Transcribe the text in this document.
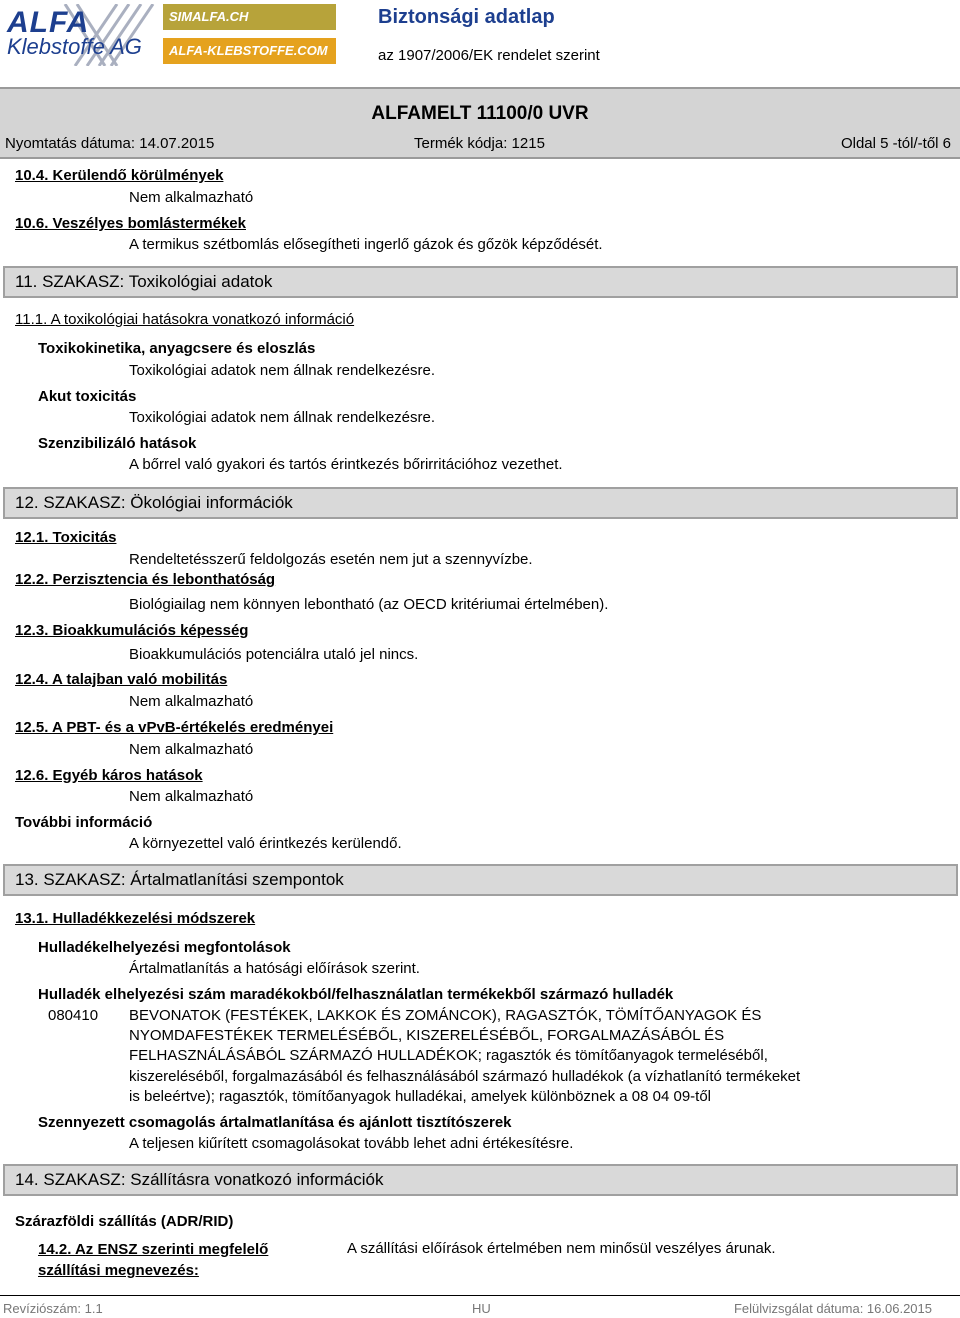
ALFA
Klebstoffe AG
SIMALFA.CH
ALFA-KLEBSTOFFE.COM
Biztonsági adatlap
az 1907/2006/EK rendelet szerint
ALFAMELT 11100/0 UVR
Nyomtatás dátuma: 14.07.2015	Termék kódja: 1215	Oldal 5 -tól/-től 6
10.4. Kerülendő körülmények
Nem alkalmazható
10.6. Veszélyes bomlástermékek
A termikus szétbomlás elősegítheti ingerlő gázok és gőzök képződését.
11. SZAKASZ: Toxikológiai adatok
11.1. A toxikológiai hatásokra vonatkozó információ
Toxikokinetika, anyagcsere és eloszlás
Toxikológiai adatok nem állnak rendelkezésre.
Akut toxicitás
Toxikológiai adatok nem állnak rendelkezésre.
Szenzibilizáló hatások
A bőrrel való gyakori és tartós érintkezés bőrirritációhoz vezethet.
12. SZAKASZ: Ökológiai információk
12.1. Toxicitás
Rendeltetésszerű feldolgozás esetén nem jut a szennyvízbe.
12.2. Perzisztencia és lebonthatóság
Biológiailag nem könnyen lebontható (az OECD kritériumai értelmében).
12.3. Bioakkumulációs képesség
Bioakkumulációs potenciálra utaló jel nincs.
12.4. A talajban való mobilitás
Nem alkalmazható
12.5. A PBT- és a vPvB-értékelés eredményei
Nem alkalmazható
12.6. Egyéb káros hatások
Nem alkalmazható
További információ
A környezettel való érintkezés kerülendő.
13. SZAKASZ: Ártalmatlanítási szempontok
13.1. Hulladékkezelési módszerek
Hulladékelhelyezési megfontolások
Ártalmatlanítás a hatósági előírások szerint.
Hulladék elhelyezési szám maradékokból/felhasználatlan termékekből származó hulladék
080410 BEVONATOK (FESTÉKEK, LAKKOK ÉS ZOMÁNCOK), RAGASZTÓK, TÖMÍTŐANYAGOK ÉS
NYOMDAFESTÉKEK TERMELÉSÉBŐL, KISZERELÉSÉBŐL, FORGALMAZÁSÁBÓL ÉS
FELHASZNÁLÁSÁBÓL SZÁRMAZÓ HULLADÉKOK; ragasztók és tömítőanyagok termeléséből,
kiszereléséből, forgalmazásából és felhasználásából származó hulladékok (a vízhatlanító termékeket
is beleértve); ragasztók, tömítőanyagok hulladékai, amelyek különböznek a 08 04 09-től
Szennyezett csomagolás ártalmatlanítása és ajánlott tisztítószerek
A teljesen kiűrített csomagolásokat tovább lehet adni értékesítésre.
14. SZAKASZ: Szállításra vonatkozó információk
Szárazföldi szállítás (ADR/RID)
14.2. Az ENSZ szerinti megfelelő
szállítási megnevezés:
A szállítási előírások értelmében nem minősül veszélyes árunak.
Revíziószám: 1.1	HU	Felülvizsgálat dátuma: 16.06.2015
